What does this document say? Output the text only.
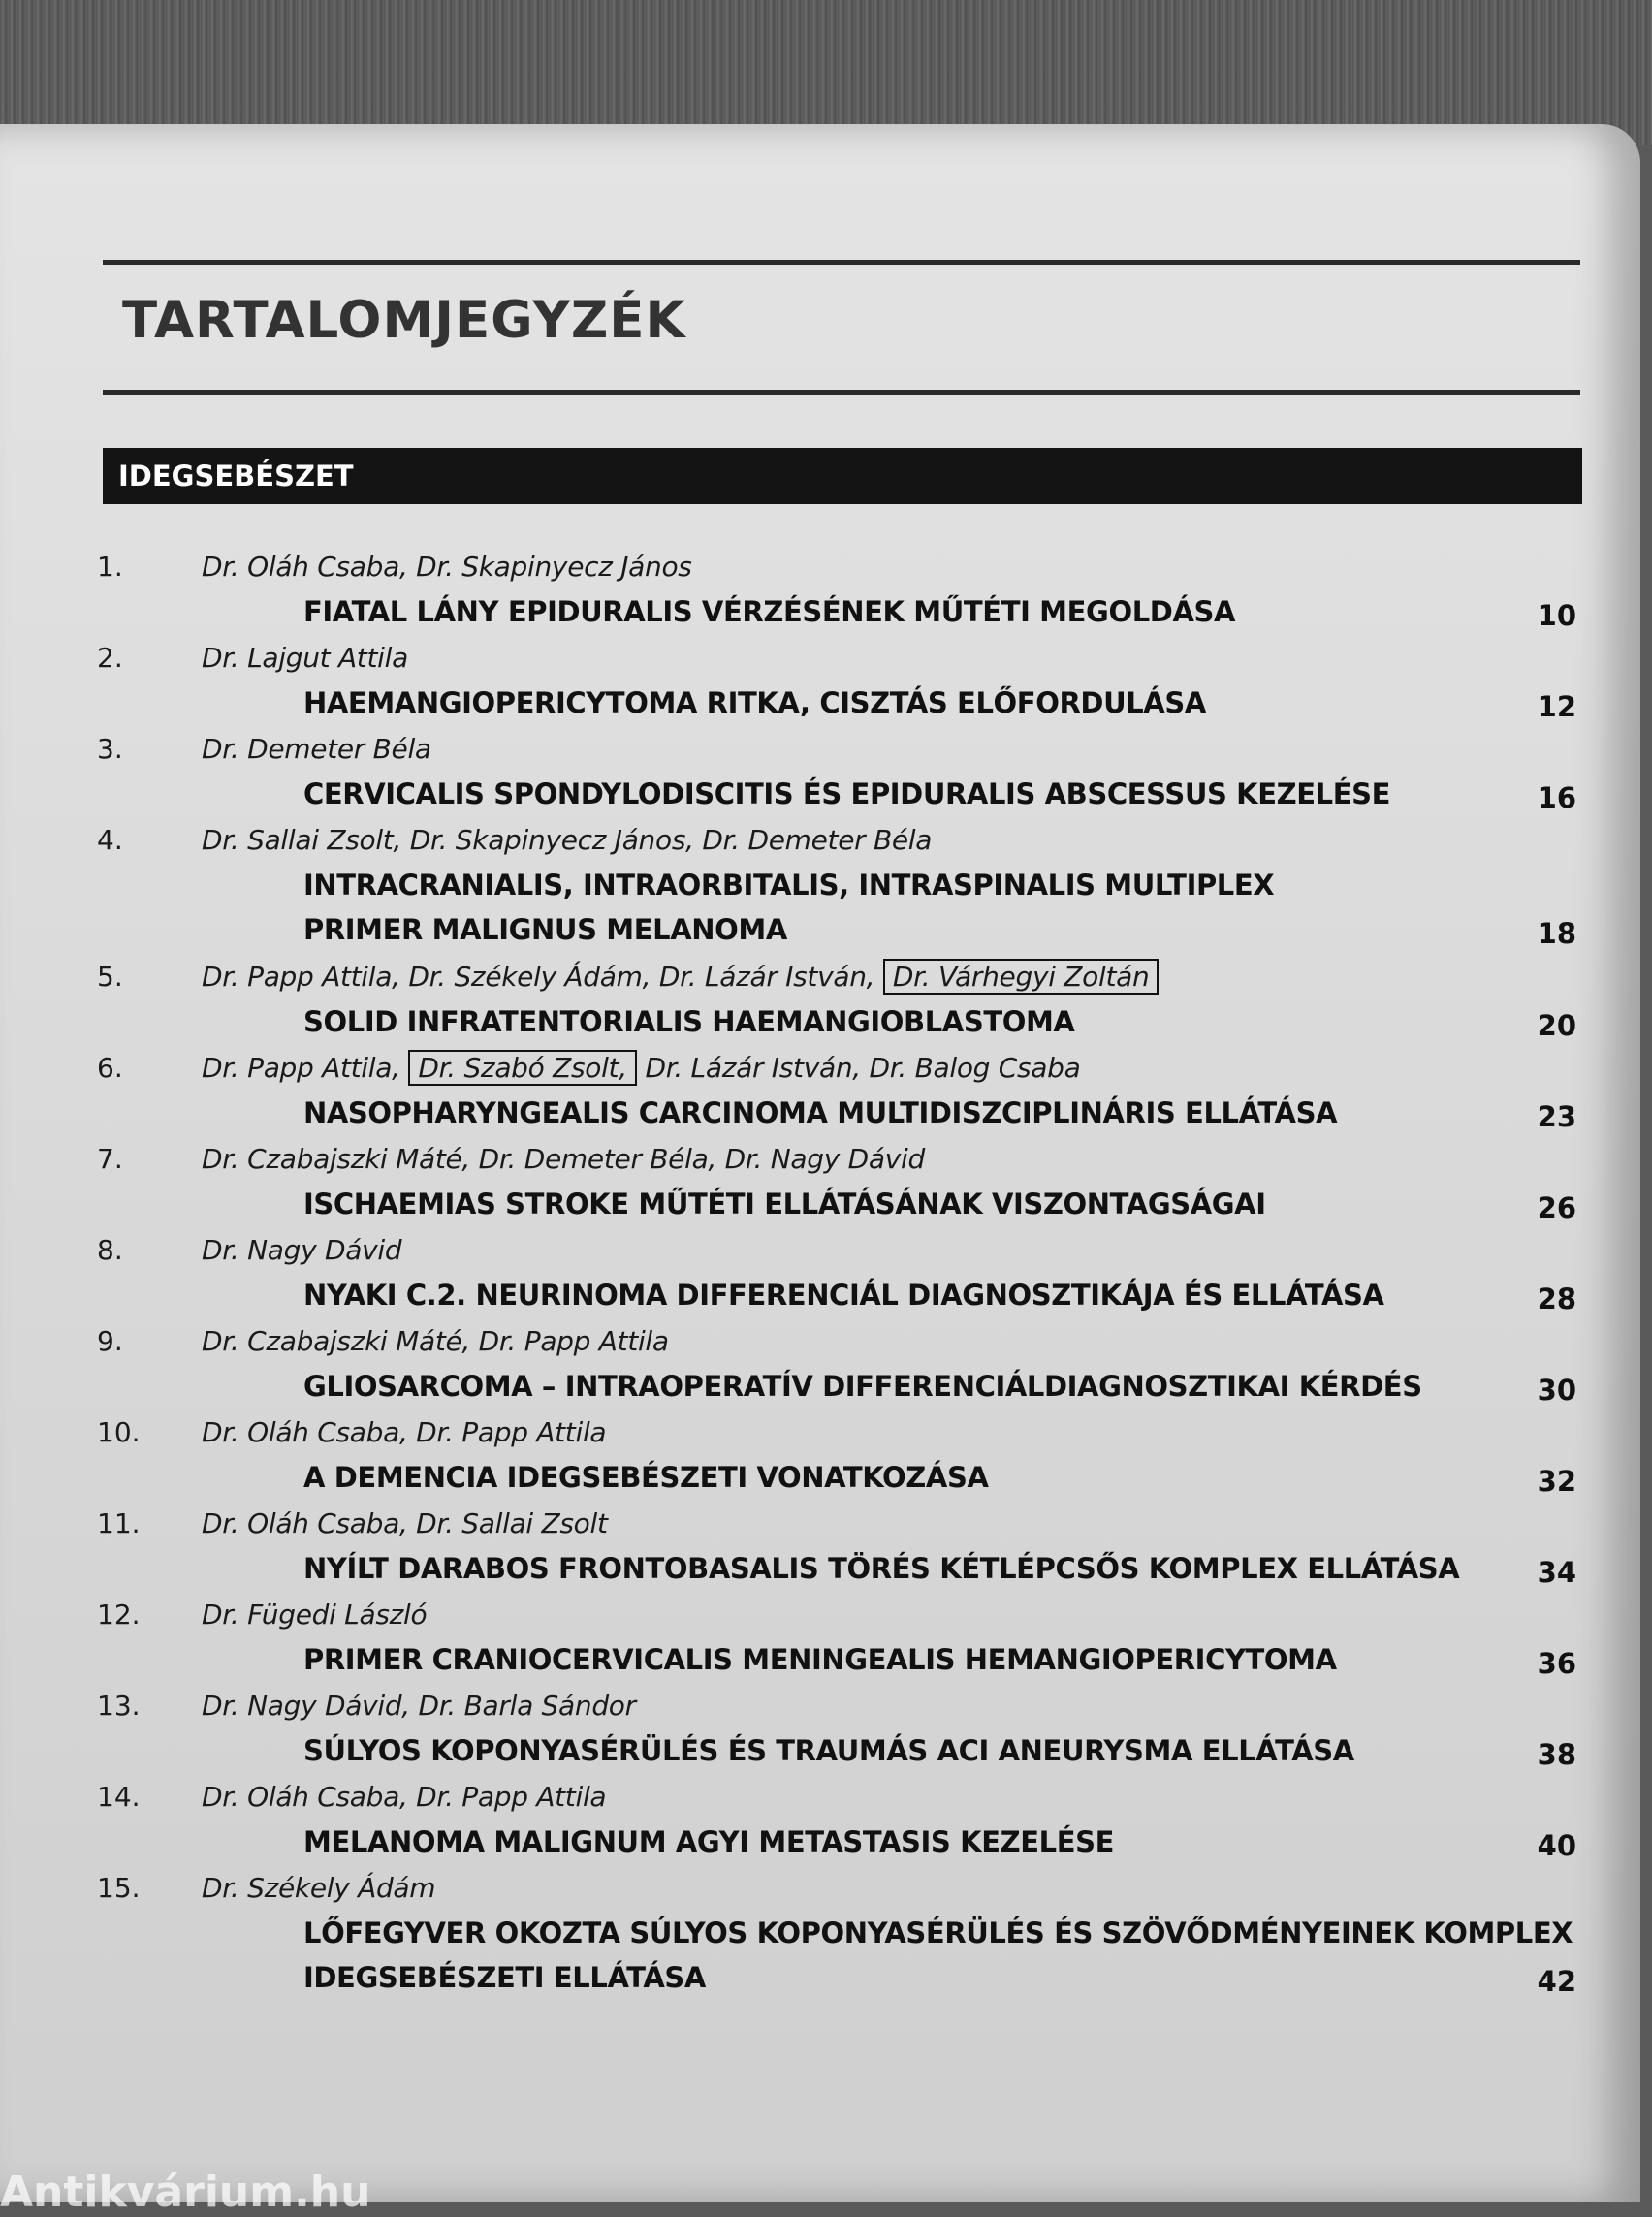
TARTALOMJEGYZÉK
IDEGSEBÉSZET
1.	Dr. Oláh Csaba, Dr. Skapinyecz János
FIATAL LÁNY EPIDURALIS VÉRZÉSÉNEK MŰTÉTI MEGOLDÁSA	10
2.	Dr. Lajgut Attila
HAEMANGIOPERICYTOMA RITKA, CISZTÁS ELŐFORDULÁSA	12
3.	Dr. Demeter Béla
CERVICALIS SPONDYLODISCITIS ÉS EPIDURALIS ABSCESSUS KEZELÉSE	16
4.	Dr. Sallai Zsolt, Dr. Skapinyecz János, Dr. Demeter Béla
INTRACRANIALIS, INTRAORBITALIS, INTRASPINALIS MULTIPLEX
PRIMER MALIGNUS MELANOMA	18
5.	Dr. Papp Attila, Dr. Székely Ádám, Dr. Lázár István, Dr. Várhegyi Zoltán
SOLID INFRATENTORIALIS HAEMANGIOBLASTOMA	20
6.	Dr. Papp Attila, Dr. Szabó Zsolt, Dr. Lázár István, Dr. Balog Csaba
NASOPHARYNGEALIS CARCINOMA MULTIDISZCIPLINÁRIS ELLÁTÁSA	23
7.	Dr. Czabajszki Máté, Dr. Demeter Béla, Dr. Nagy Dávid
ISCHAEMIAS STROKE MŰTÉTI ELLÁTÁSÁNAK VISZONTAGSÁGAI	26
8.	Dr. Nagy Dávid
NYAKI C.2. NEURINOMA DIFFERENCIÁL DIAGNOSZTIKÁJA ÉS ELLÁTÁSA	28
9.	Dr. Czabajszki Máté, Dr. Papp Attila
GLIOSARCOMA – INTRAOPERATÍV DIFFERENCIÁLDIAGNOSZTIKAI KÉRDÉS	30
10. Dr. Oláh Csaba, Dr. Papp Attila
A DEMENCIA IDEGSEBÉSZETI VONATKOZÁSA	32
11. Dr. Oláh Csaba, Dr. Sallai Zsolt
NYÍLT DARABOS FRONTOBASALIS TÖRÉS KÉTLÉPCSŐS KOMPLEX ELLÁTÁSA	34
12. Dr. Fügedi László
PRIMER CRANIOCERVICALIS MENINGEALIS HEMANGIOPERICYTOMA	36
13. Dr. Nagy Dávid, Dr. Barla Sándor
SÚLYOS KOPONYASÉRÜLÉS ÉS TRAUMÁS ACI ANEURYSMA ELLÁTÁSA	38
14. Dr. Oláh Csaba, Dr. Papp Attila
MELANOMA MALIGNUM AGYI METASTASIS KEZELÉSE	40
15. Dr. Székely Ádám
LŐFEGYVER OKOZTA SÚLYOS KOPONYASÉRÜLÉS ÉS SZÖVŐDMÉNYEINEK KOMPLEX
IDEGSEBÉSZETI ELLÁTÁSA	42
Antikvárium.hu
